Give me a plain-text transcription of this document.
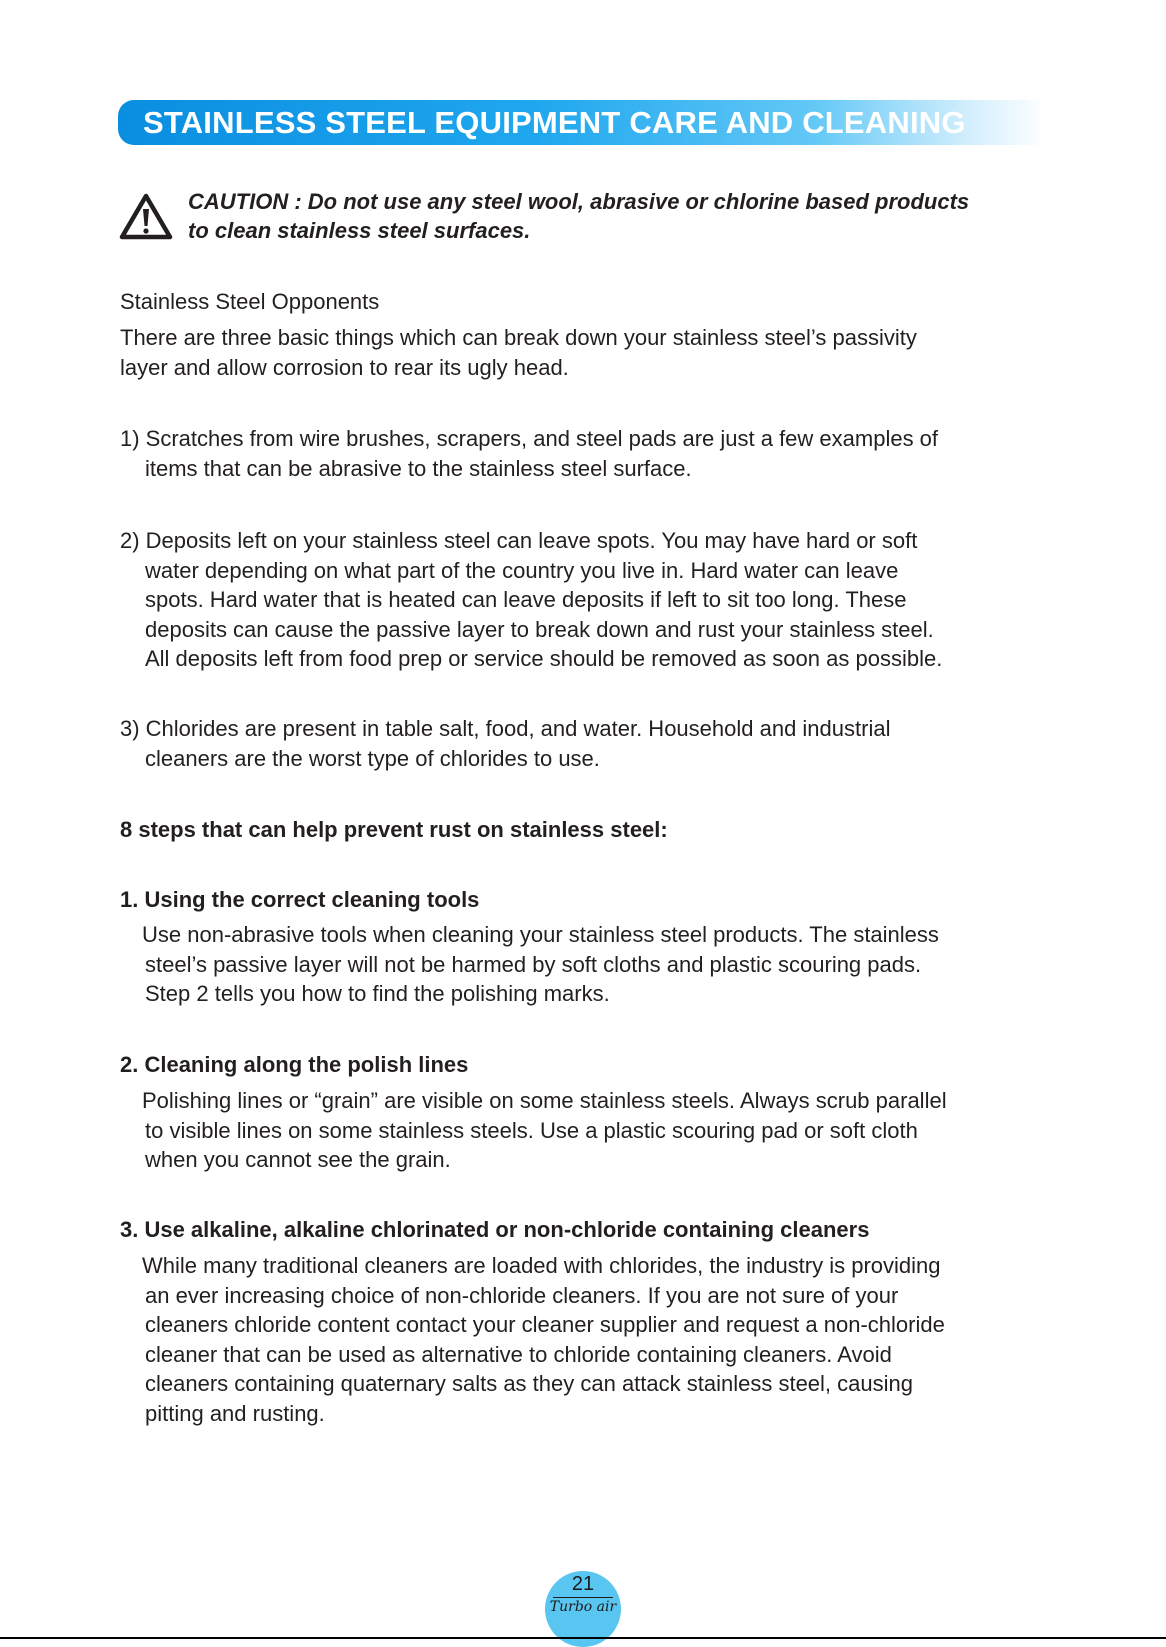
STAINLESS STEEL EQUIPMENT CARE AND CLEANING
CAUTION : Do not use any steel wool, abrasive or chlorine based products
to clean stainless steel surfaces.
Stainless Steel Opponents
There are three basic things which can break down your stainless steel’s passivity
layer and allow corrosion to rear its ugly head.
1) Scratches from wire brushes, scrapers, and steel pads are just a few examples of
items that can be abrasive to the stainless steel surface.
2) Deposits left on your stainless steel can leave spots. You may have hard or soft
water depending on what part of the country you live in. Hard water can leave
spots. Hard water that is heated can leave deposits if left to sit too long. These
deposits can cause the passive layer to break down and rust your stainless steel.
All deposits left from food prep or service should be removed as soon as possible.
3) Chlorides are present in table salt, food, and water. Household and industrial
cleaners are the worst type of chlorides to use.
8 steps that can help prevent rust on stainless steel:
1. Using the correct cleaning tools
Use non-abrasive tools when cleaning your stainless steel products. The stainless
steel’s passive layer will not be harmed by soft cloths and plastic scouring pads.
Step 2 tells you how to find the polishing marks.
2. Cleaning along the polish lines
Polishing lines or “grain” are visible on some stainless steels. Always scrub parallel
to visible lines on some stainless steels. Use a plastic scouring pad or soft cloth
when you cannot see the grain.
3. Use alkaline, alkaline chlorinated or non-chloride containing cleaners
While many traditional cleaners are loaded with chlorides, the industry is providing
an ever increasing choice of non-chloride cleaners. If you are not sure of your
cleaners chloride content contact your cleaner supplier and request a non-chloride
cleaner that can be used as alternative to chloride containing cleaners. Avoid
cleaners containing quaternary salts as they can attack stainless steel, causing
pitting and rusting.
21
Turbo air
